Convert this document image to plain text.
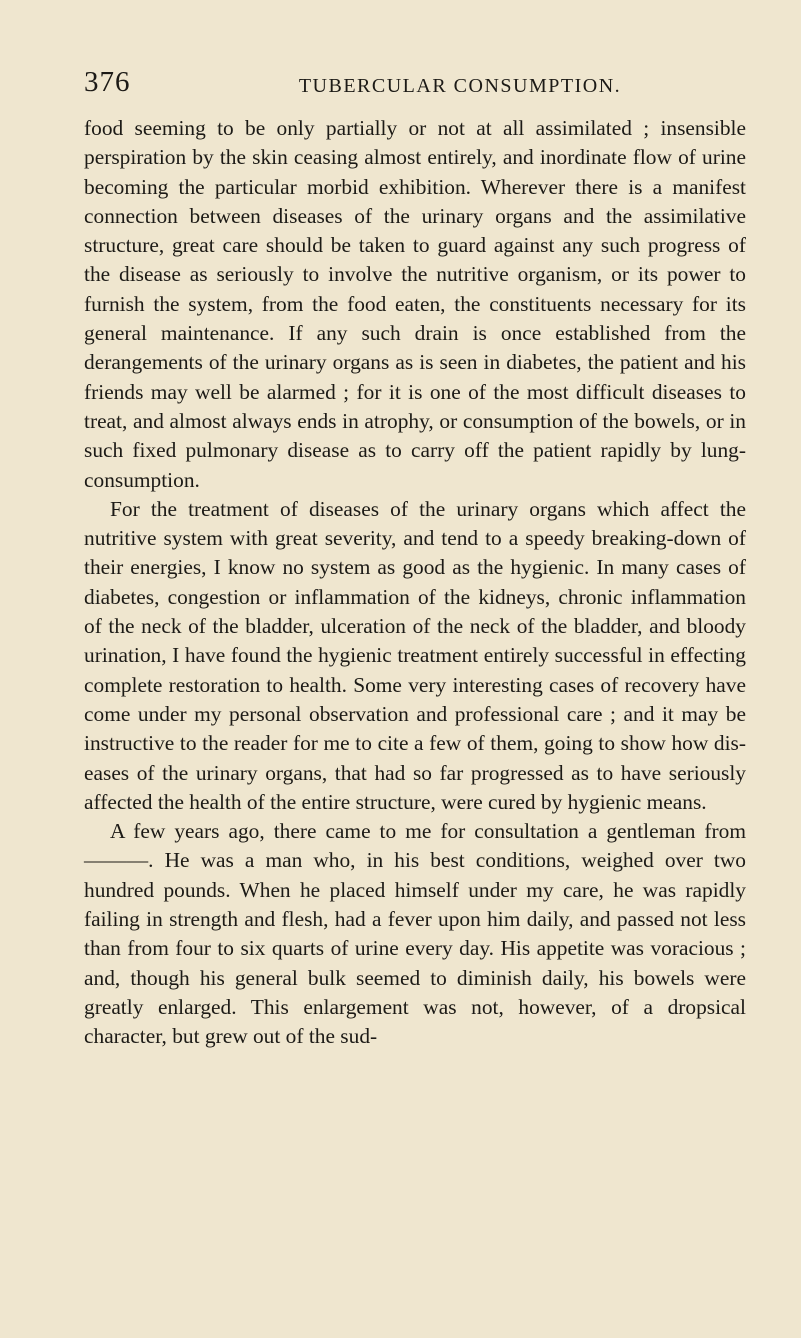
376	TUBERCULAR CONSUMPTION.

food seeming to be only partially or not at all assimilated ; insensible perspiration by the skin ceasing almost entirely, and inordinate flow of urine becoming the particular morbid exhibition. Wherever there is a manifest connection between diseases of the urinary organs and the assimilative structure, great care should be taken to guard against any such progress of the disease as seriously to involve the nutritive organism, or its power to furnish the system, from the food eaten, the constituents necessary for its general maintenance. If any such drain is once established from the derangements of the urinary organs as is seen in diabetes, the patient and his friends may well be alarmed ; for it is one of the most difficult diseases to treat, and almost always ends in atrophy, or consumption of the bowels, or in such fixed pulmonary disease as to carry off the patient rapidly by lung-consumption.

For the treatment of diseases of the urinary organs which affect the nutritive system with great severity, and tend to a speedy breaking-down of their energies, I know no system as good as the hygienic. In many cases of diabetes, congestion or inflammation of the kidneys, chronic inflammation of the neck of the bladder, ulceration of the neck of the bladder, and bloody urination, I have found the hygienic treatment entirely successful in effecting complete restoration to health. Some very interesting cases of recovery have come under my personal observation and professional care ; and it may be instructive to the reader for me to cite a few of them, going to show how diseases of the urinary organs, that had so far progressed as to have seriously affected the health of the entire structure, were cured by hygienic means.

A few years ago, there came to me for consultation a gentleman from ———. He was a man who, in his best conditions, weighed over two hundred pounds. When he placed himself under my care, he was rapidly failing in strength and flesh, had a fever upon him daily, and passed not less than from four to six quarts of urine every day. His appetite was voracious ; and, though his general bulk seemed to diminish daily, his bowels were greatly enlarged. This enlargement was not, however, of a dropsical character, but grew out of the sud-
